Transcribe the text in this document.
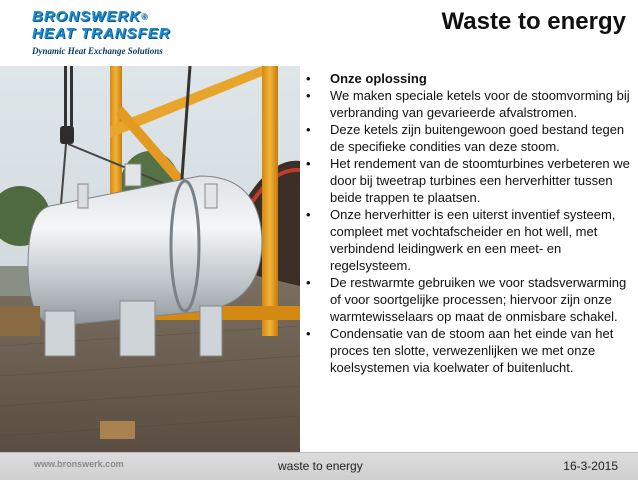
BRONSWERK®
HEAT TRANSFER
Dynamic Heat Exchange Solutions
Waste to energy
• Onze oplossing
• We maken speciale ketels voor de stoomvorming bij verbranding van gevarieerde afvalstromen.
• Deze ketels zijn buitengewoon goed bestand tegen de specifieke condities van deze stoom.
• Het rendement van de stoomturbines verbeteren we door bij tweetrap turbines een herverhitter tussen beide trappen te plaatsen.
• Onze herverhitter is een uiterst inventief systeem, compleet met vochtafscheider en hot well, met verbindend leidingwerk en een meet- en regelsysteem.
• De restwarmte gebruiken we voor stadsverwarming of voor soortgelijke processen; hiervoor zijn onze warmtewisselaars op maat de onmisbare schakel.
• Condensatie van de stoom aan het einde van het proces ten slotte, verwezenlijken we met onze koelsystemen via koelwater of buitenlucht.
www.bronswerk.com	waste to energy	16-3-2015
